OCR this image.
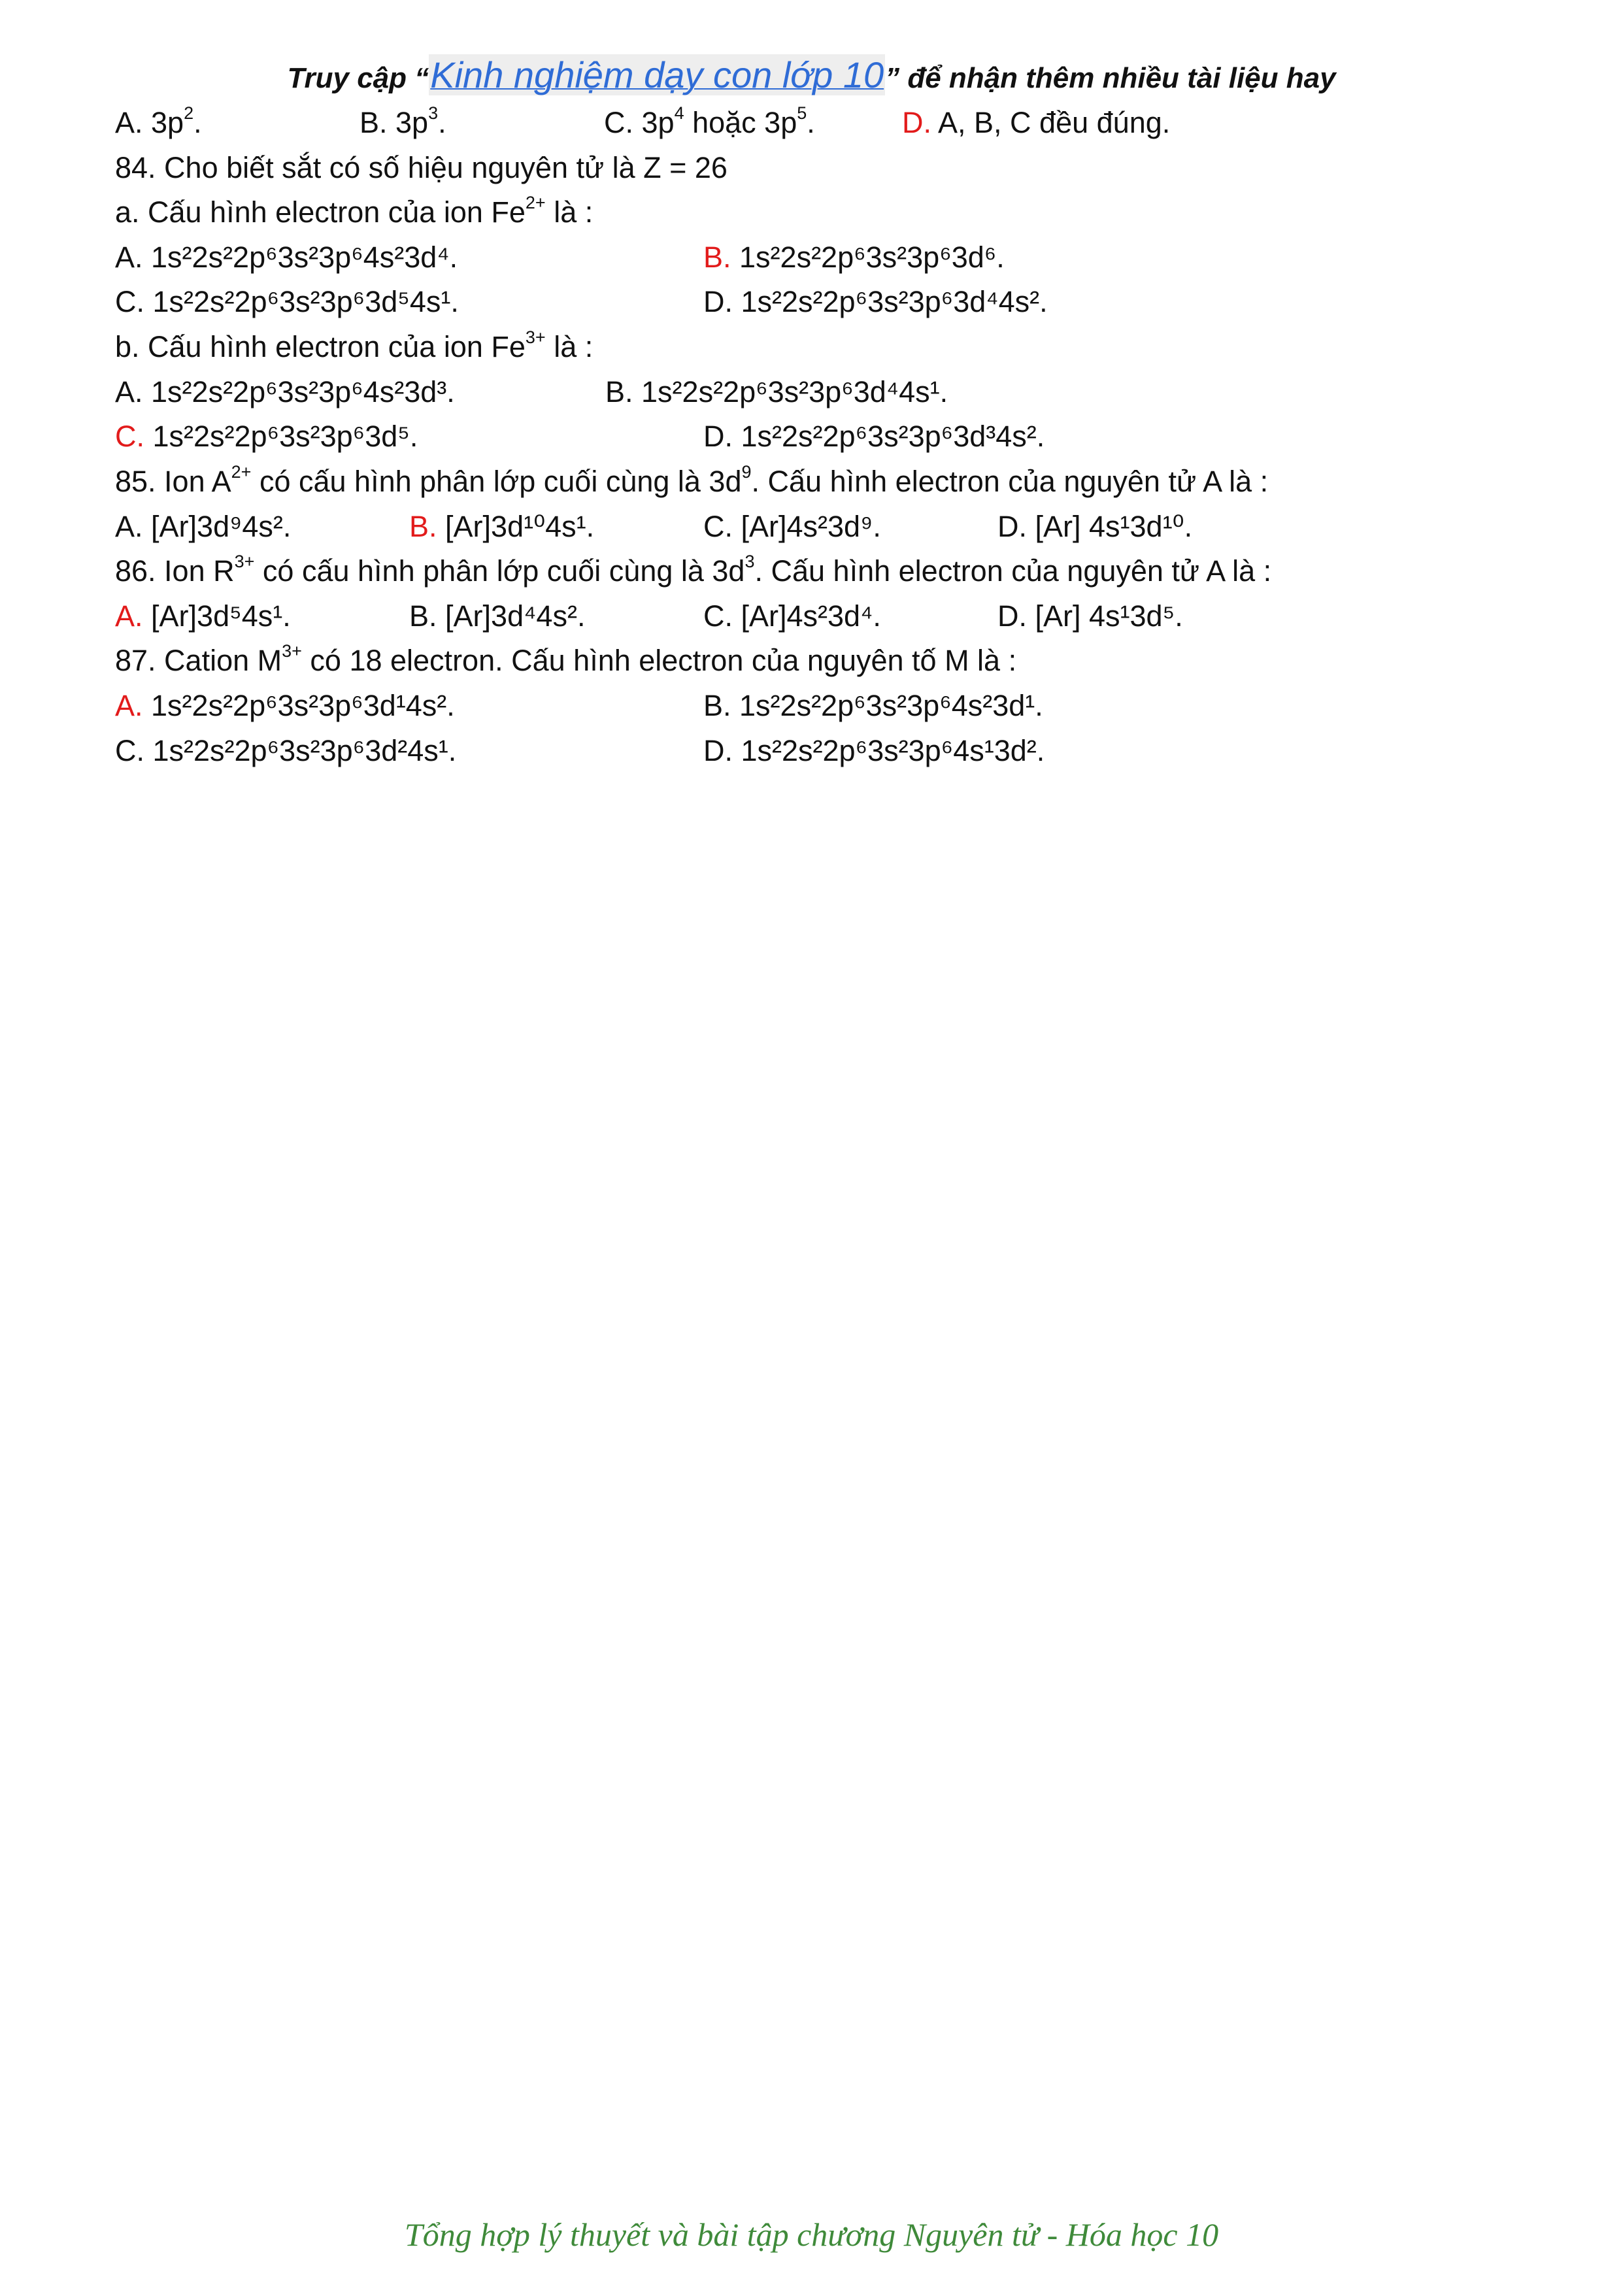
Truy cập “Kinh nghiệm dạy con lớp 10” để nhận thêm nhiều tài liệu hay
A. $3p^2$.	B. $3p^3$.	C. $3p^4$ hoặc $3p^5$.	D. A, B, C đều đúng.
84. Cho biết sắt có số hiệu nguyên tử là Z = 26
a. Cấu hình electron của ion $Fe^{2+}$ là :
A. 1s²2s²2p⁶3s²3p⁶4s²3d⁴.	B. 1s²2s²2p⁶3s²3p⁶3d⁶.
C. 1s²2s²2p⁶3s²3p⁶3d⁵4s¹.	D. 1s²2s²2p⁶3s²3p⁶3d⁴4s².
b. Cấu hình electron của ion $Fe^{3+}$ là :
A. 1s²2s²2p⁶3s²3p⁶4s²3d³.	B. 1s²2s²2p⁶3s²3p⁶3d⁴4s¹.
C. 1s²2s²2p⁶3s²3p⁶3d⁵.	D. 1s²2s²2p⁶3s²3p⁶3d³4s².
85. Ion $A^{2+}$ có cấu hình phân lớp cuối cùng là $3d^9$. Cấu hình electron của nguyên tử A là :
A. [Ar]3d⁹4s².	B. [Ar]3d¹⁰4s¹.	C. [Ar]4s²3d⁹.	D. [Ar] 4s¹3d¹⁰.
86. Ion $R^{3+}$ có cấu hình phân lớp cuối cùng là $3d^3$. Cấu hình electron của nguyên tử A là :
A. [Ar]3d⁵4s¹.	B. [Ar]3d⁴4s².	C. [Ar]4s²3d⁴.	D. [Ar] 4s¹3d⁵.
87. Cation $M^{3+}$ có 18 electron. Cấu hình electron của nguyên tố M là :
A. 1s²2s²2p⁶3s²3p⁶3d¹4s².	B. 1s²2s²2p⁶3s²3p⁶4s²3d¹.
C. 1s²2s²2p⁶3s²3p⁶3d²4s¹.	D. 1s²2s²2p⁶3s²3p⁶4s¹3d².
Tổng hợp lý thuyết và bài tập chương Nguyên tử - Hóa học 10
